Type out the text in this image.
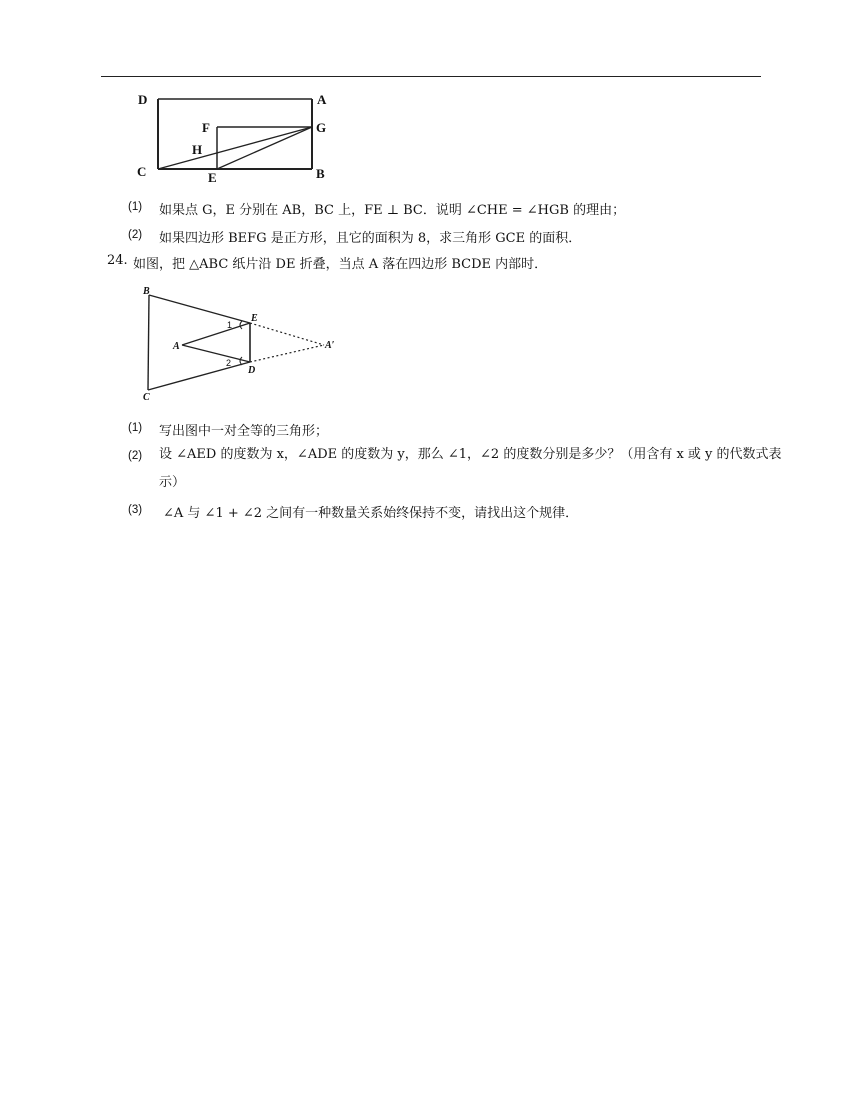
D	A
F	G
H
C	E	B
(1) 如果点 G，E 分别在 AB，BC 上，FE ⊥ BC．说明 ∠CHE = ∠HGB 的理由；
(2) 如果四边形 BEFG 是正方形，且它的面积为 8，求三角形 GCE 的面积．
24. 如图，把 △ABC 纸片沿 DE 折叠，当点 A 落在四边形 BCDE 内部时．
B
C
A
E
D
A′
1
2
(1) 写出图中一对全等的三角形；
(2) 设 ∠AED 的度数为 x，∠ADE 的度数为 y，那么 ∠1，∠2 的度数分别是多少？（用含有 x 或 y 的代数式表示）
(3) ∠A 与 ∠1 + ∠2 之间有一种数量关系始终保持不变，请找出这个规律．
